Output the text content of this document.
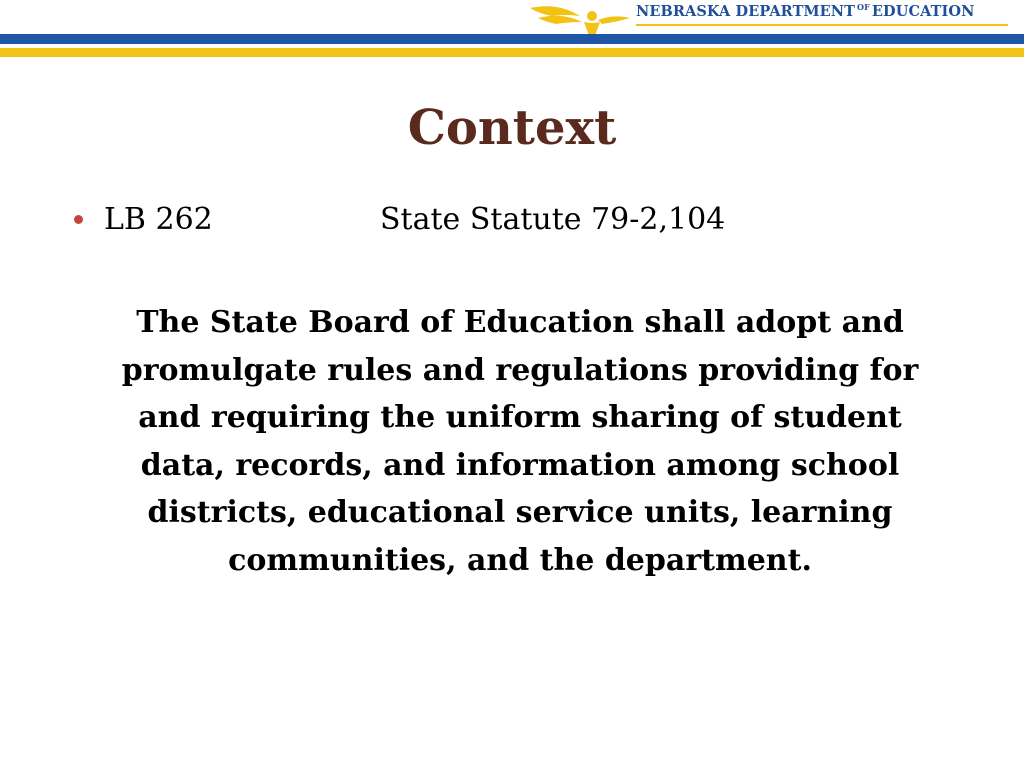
NEBRASKA DEPARTMENT $^{OF}$ EDUCATION
Context
LB 262	State Statute 79-2,104
The State Board of Education shall adopt and promulgate rules and regulations providing for and requiring the uniform sharing of student data, records, and information among school districts, educational service units, learning communities, and the department.
